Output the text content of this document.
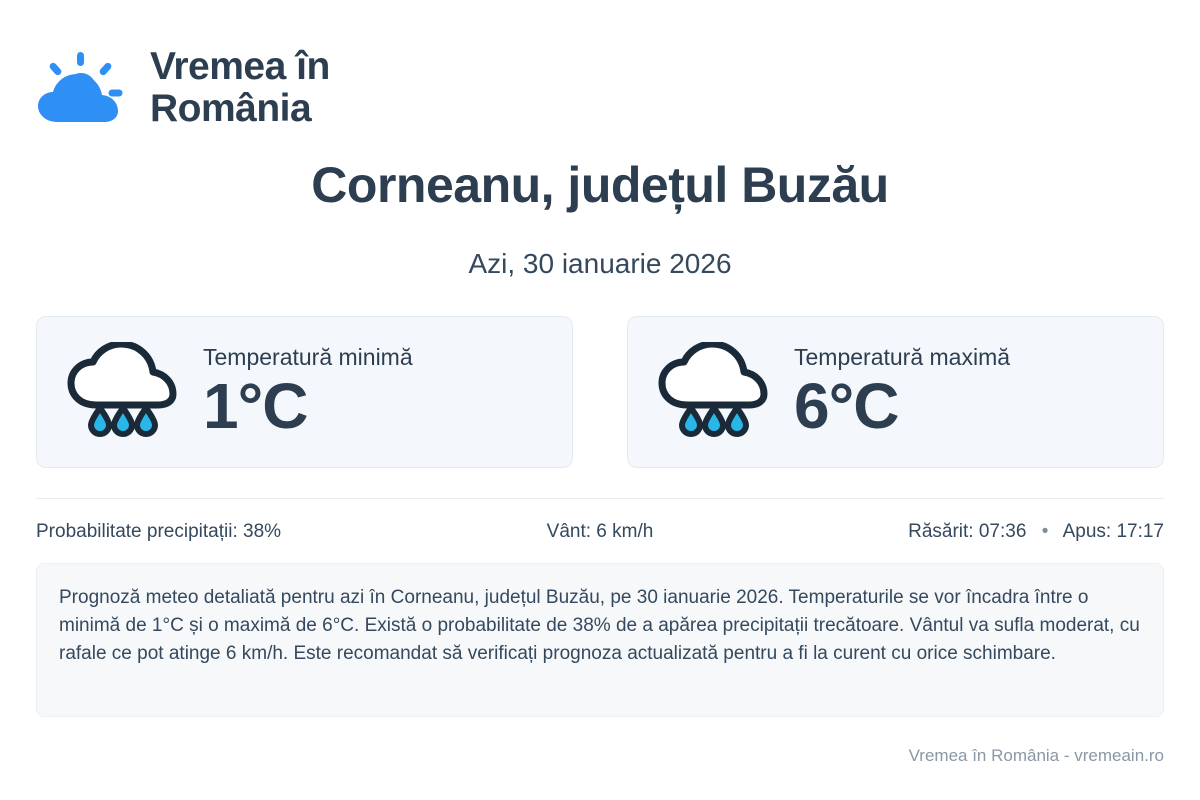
Vremea în
România
Corneanu, județul Buzău
Azi, 30 ianuarie 2026
Temperatură minimă
1°C
Temperatură maximă
6°C
Probabilitate precipitații: 38%	Vânt: 6 km/h	Răsărit: 07:36 • Apus: 17:17
Prognoză meteo detaliată pentru azi în Corneanu, județul Buzău, pe 30 ianuarie 2026. Temperaturile se vor încadra între o minimă de 1°C și o maximă de 6°C. Există o probabilitate de 38% de a apărea precipitații trecătoare. Vântul va sufla moderat, cu rafale ce pot atinge 6 km/h. Este recomandat să verificați prognoza actualizată pentru a fi la curent cu orice schimbare.
Vremea în România - vremeain.ro
